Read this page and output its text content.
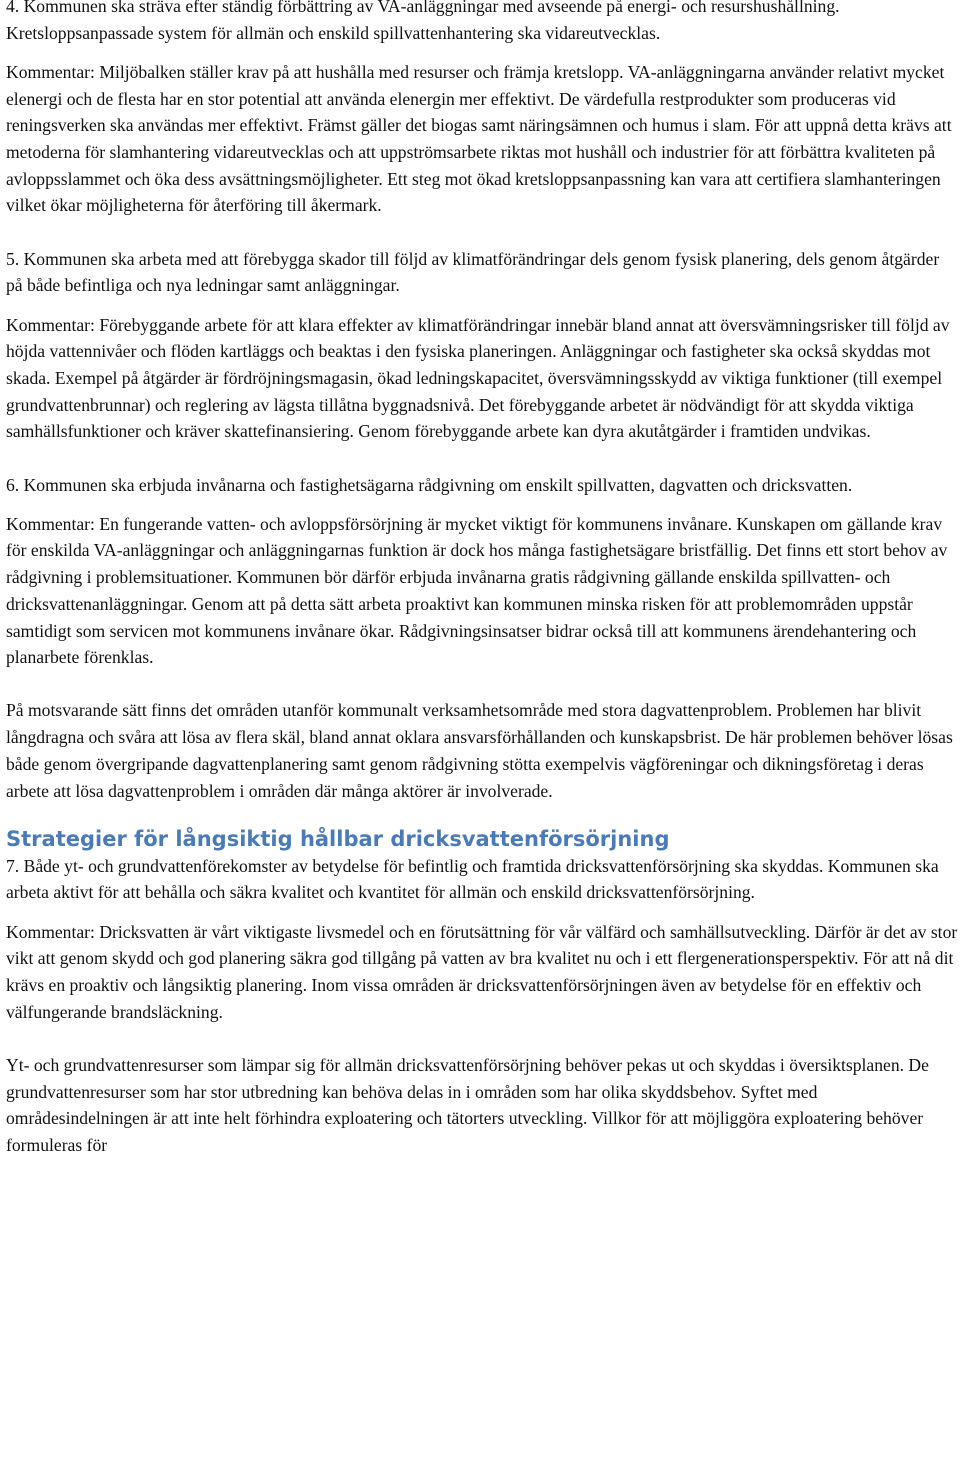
4. Kommunen ska sträva efter ständig förbättring av VA-anläggningar med avseende på energi- och resurshushållning. Kretsloppsanpassade system för allmän och enskild spillvattenhantering ska vidareutvecklas.

Kommentar: Miljöbalken ställer krav på att hushålla med resurser och främja kretslopp. VA-anläggningarna använder relativt mycket elenergi och de flesta har en stor potential att använda elenergin mer effektivt. De värdefulla restprodukter som produceras vid reningsverken ska användas mer effektivt. Främst gäller det biogas samt näringsämnen och humus i slam. För att uppnå detta krävs att metoderna för slamhantering vidareutvecklas och att uppströmsarbete riktas mot hushåll och industrier för att förbättra kvaliteten på avloppsslammet och öka dess avsättningsmöjligheter. Ett steg mot ökad kretsloppsanpassning kan vara att certifiera slamhanteringen vilket ökar möjligheterna för återföring till åkermark.

5. Kommunen ska arbeta med att förebygga skador till följd av klimatförändringar dels genom fysisk planering, dels genom åtgärder på både befintliga och nya ledningar samt anläggningar.

Kommentar: Förebyggande arbete för att klara effekter av klimatförändringar innebär bland annat att översvämningsrisker till följd av höjda vattennivåer och flöden kartläggs och beaktas i den fysiska planeringen. Anläggningar och fastigheter ska också skyddas mot skada. Exempel på åtgärder är fördröjningsmagasin, ökad ledningskapacitet, översvämningsskydd av viktiga funktioner (till exempel grundvattenbrunnar) och reglering av lägsta tillåtna byggnadsnivå. Det förebyggande arbetet är nödvändigt för att skydda viktiga samhällsfunktioner och kräver skattefinansiering. Genom förebyggande arbete kan dyra akutåtgärder i framtiden undvikas.

6. Kommunen ska erbjuda invånarna och fastighetsägarna rådgivning om enskilt spillvatten, dagvatten och dricksvatten.

Kommentar: En fungerande vatten- och avloppsförsörjning är mycket viktigt för kommunens invånare. Kunskapen om gällande krav för enskilda VA-anläggningar och anläggningarnas funktion är dock hos många fastighetsägare bristfällig. Det finns ett stort behov av rådgivning i problemsituationer. Kommunen bör därför erbjuda invånarna gratis rådgivning gällande enskilda spillvatten- och dricksvattenanläggningar. Genom att på detta sätt arbeta proaktivt kan kommunen minska risken för att problemområden uppstår samtidigt som servicen mot kommunens invånare ökar. Rådgivningsinsatser bidrar också till att kommunens ärendehantering och planarbete förenklas.

På motsvarande sätt finns det områden utanför kommunalt verksamhetsområde med stora dagvattenproblem. Problemen har blivit långdragna och svåra att lösa av flera skäl, bland annat oklara ansvarsförhållanden och kunskapsbrist. De här problemen behöver lösas både genom övergripande dagvattenplanering samt genom rådgivning stötta exempelvis vägföreningar och dikningsföretag i deras arbete att lösa dagvattenproblem i områden där många aktörer är involverade.

Strategier för långsiktig hållbar dricksvattenförsörjning

7. Både yt- och grundvattenförekomster av betydelse för befintlig och framtida dricksvattenförsörjning ska skyddas. Kommunen ska arbeta aktivt för att behålla och säkra kvalitet och kvantitet för allmän och enskild dricksvattenförsörjning.

Kommentar: Dricksvatten är vårt viktigaste livsmedel och en förutsättning för vår välfärd och samhällsutveckling. Därför är det av stor vikt att genom skydd och god planering säkra god tillgång på vatten av bra kvalitet nu och i ett flergenerationsperspektiv. För att nå dit krävs en proaktiv och långsiktig planering. Inom vissa områden är dricksvattenförsörjningen även av betydelse för en effektiv och välfungerande brandsläckning.

Yt- och grundvattenresurser som lämpar sig för allmän dricksvattenförsörjning behöver pekas ut och skyddas i översiktsplanen. De grundvattenresurser som har stor utbredning kan behöva delas in i områden som har olika skyddsbehov. Syftet med områdesindelningen är att inte helt förhindra exploatering och tätorters utveckling. Villkor för att möjliggöra exploatering behöver formuleras för
